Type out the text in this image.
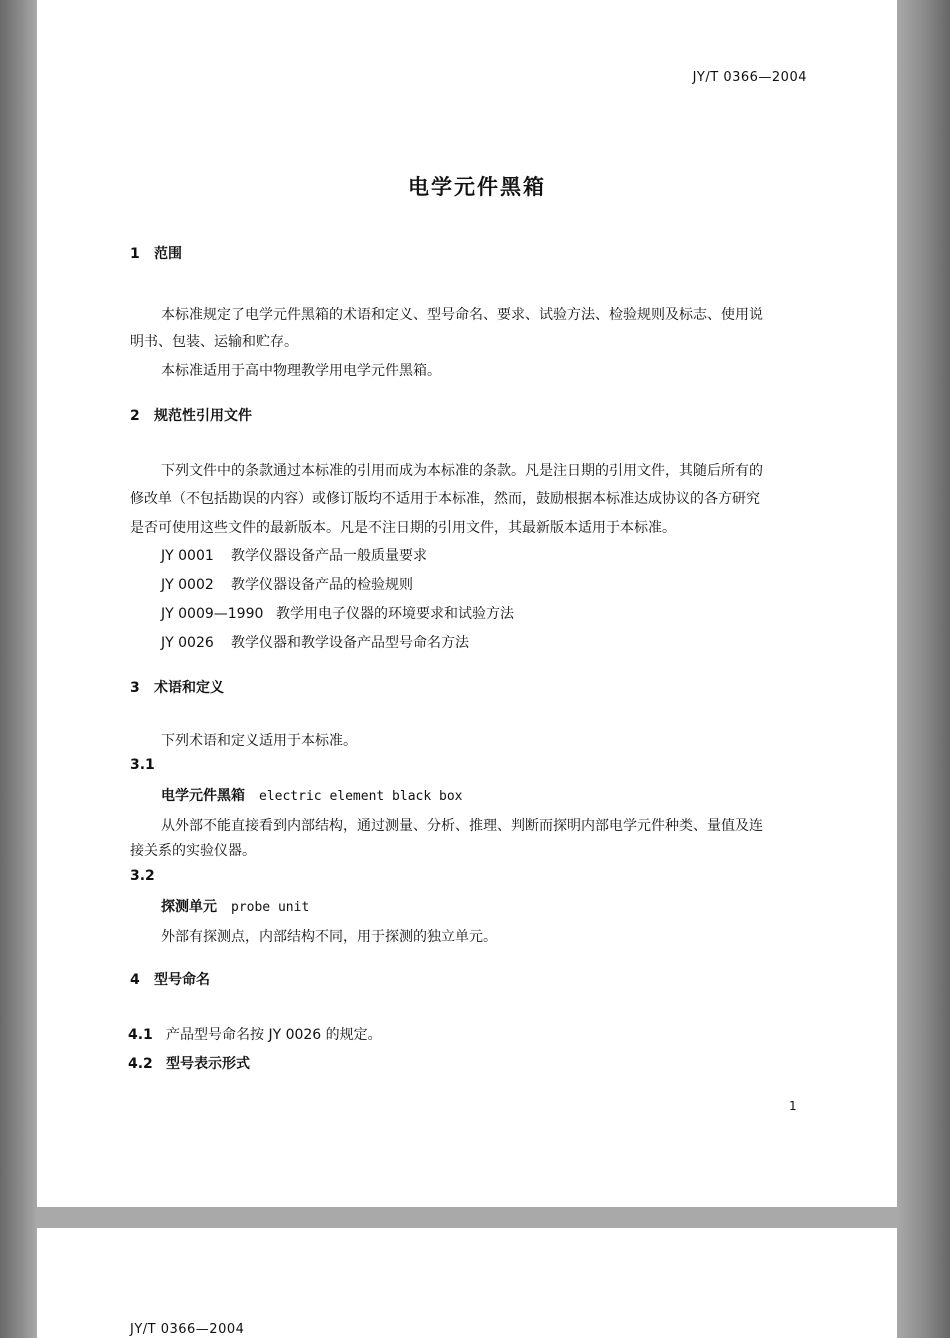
JY/T 0366—2004
电学元件黑箱
1 范围
本标准规定了电学元件黑箱的术语和定义、型号命名、要求、试验方法、检验规则及标志、使用说
明书、包装、运输和贮存。
本标准适用于高中物理教学用电学元件黑箱。
2 规范性引用文件
下列文件中的条款通过本标准的引用而成为本标准的条款。凡是注日期的引用文件，其随后所有的
修改单（不包括勘误的内容）或修订版均不适用于本标准，然而，鼓励根据本标准达成协议的各方研究
是否可使用这些文件的最新版本。凡是不注日期的引用文件，其最新版本适用于本标准。
JY 0001 教学仪器设备产品一般质量要求
JY 0002 教学仪器设备产品的检验规则
JY 0009—1990 教学用电子仪器的环境要求和试验方法
JY 0026 教学仪器和教学设备产品型号命名方法
3 术语和定义
下列术语和定义适用于本标准。
3.1
电学元件黑箱 electric element black box
从外部不能直接看到内部结构，通过测量、分析、推理、判断而探明内部电学元件种类、量值及连
接关系的实验仪器。
3.2
探测单元 probe unit
外部有探测点，内部结构不同，用于探测的独立单元。
4 型号命名
4.1 产品型号命名按 JY 0026 的规定。
4.2 型号表示形式
1
JY/T 0366—2004
